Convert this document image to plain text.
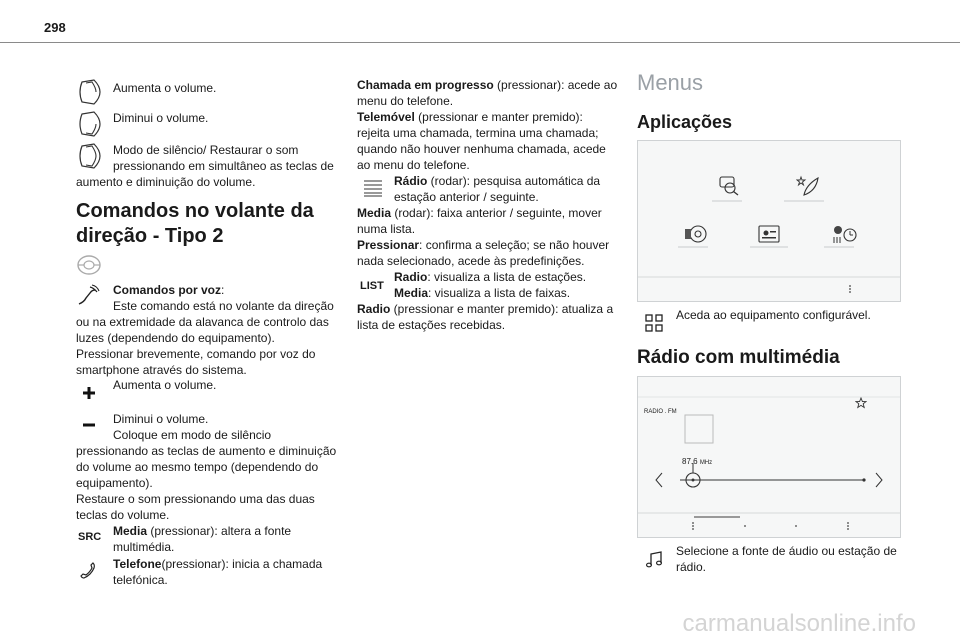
298
Aumenta o volume.
Diminui o volume.
Modo de silêncio/ Restaurar o som
pressionando em simultâneo as teclas de
aumento e diminuição do volume.
Comandos no volante da
direção - Tipo 2
Comandos por voz:
Este comando está no volante da direção
ou na extremidade da alavanca de controlo das
luzes (dependendo do equipamento).
Pressionar brevemente, comando por voz do
smartphone através do sistema.
Aumenta o volume.
Diminui o volume.
Coloque em modo de silêncio
pressionando as teclas de aumento e diminuição
do volume ao mesmo tempo (dependendo do
equipamento).
Restaure o som pressionando uma das duas
teclas do volume.
SRC Media (pressionar): altera a fonte
multimédia.
Telefone(pressionar): inicia a chamada
telefónica.
Chamada em progresso (pressionar): acede ao
menu do telefone.
Telemóvel (pressionar e manter premido):
rejeita uma chamada, termina uma chamada;
quando não houver nenhuma chamada, acede
ao menu do telefone.
Rádio (rodar): pesquisa automática da
estação anterior / seguinte.
Media (rodar): faixa anterior / seguinte, mover
numa lista.
Pressionar: confirma a seleção; se não houver
nada selecionado, acede às predefinições.
LIST
Radio: visualiza a lista de estações.
Media: visualiza a lista de faixas.
Radio (pressionar e manter premido): atualiza a
lista de estações recebidas.
Menus
Aplicações
Aceda ao equipamento configurável.
Rádio com multimédia
RADIO . FM
87.6 MHz
Selecione a fonte de áudio ou estação de
rádio.
carmanualsonline.info
